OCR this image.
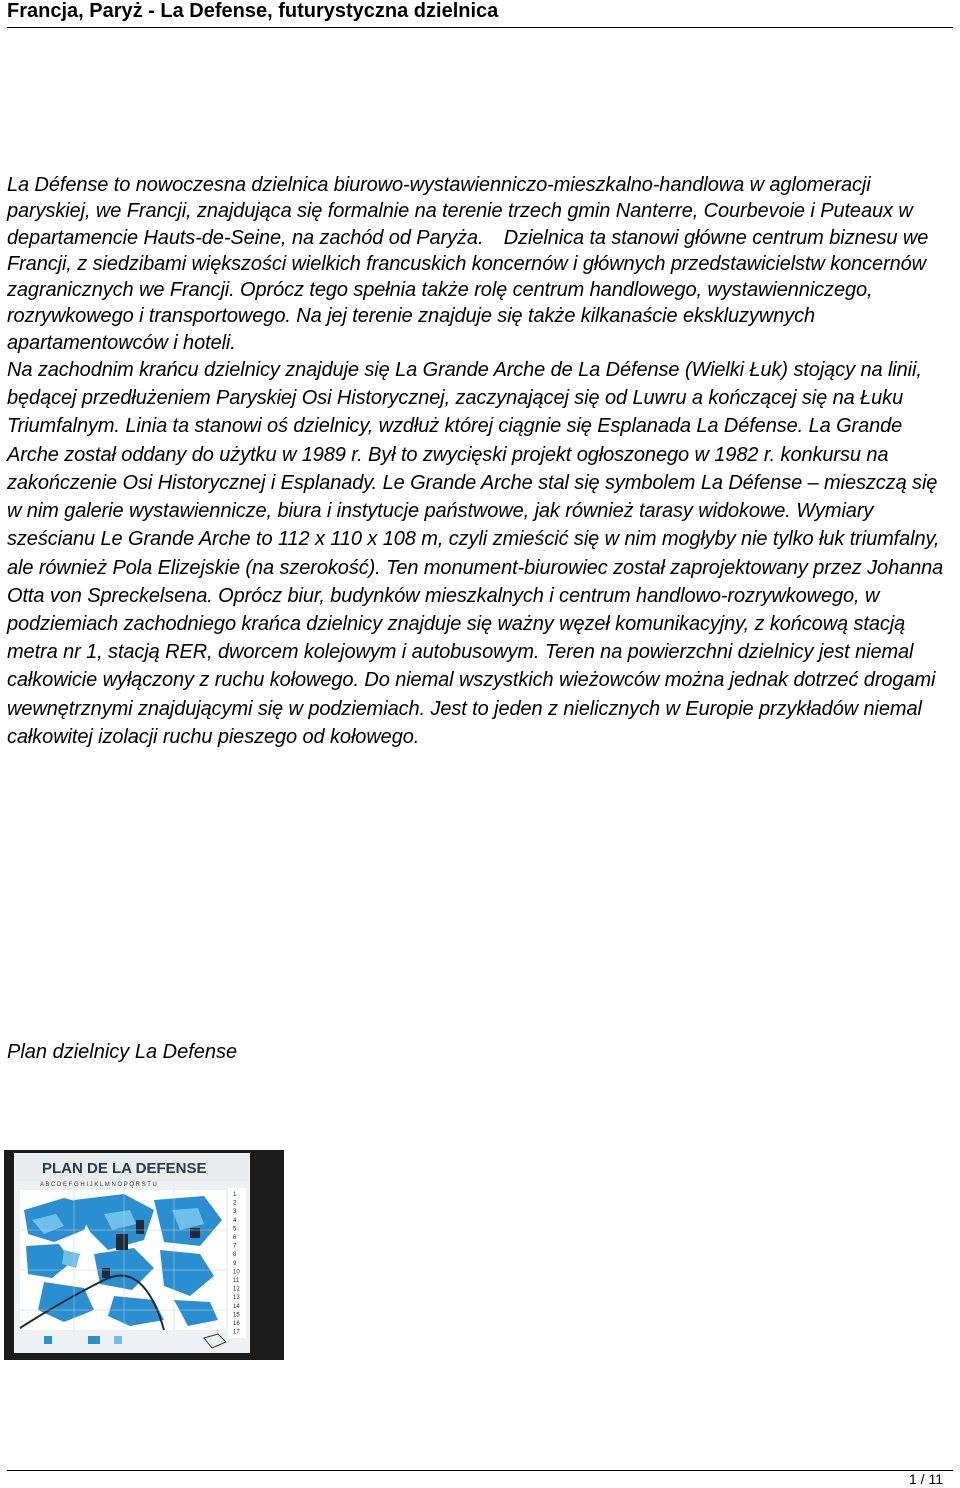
Francja, Paryż - La Defense, futurystyczna dzielnica

La Défense to nowoczesna dzielnica biurowo-wystawienniczo-mieszkalno-handlowa w aglomeracji paryskiej, we Francji, znajdująca się formalnie na terenie trzech gmin Nanterre, Courbevoie i Puteaux w departamencie Hauts-de-Seine, na zachód od Paryża.  Dzielnica ta stanowi główne centrum biznesu we Francji, z siedzibami większości wielkich francuskich koncernów i głównych przedstawicielstw koncernów zagranicznych we Francji. Oprócz tego spełnia także rolę centrum handlowego, wystawienniczego, rozrywkowego i transportowego. Na jej terenie znajduje się także kilkanaście ekskluzywnych apartamentowców i hoteli.

Na zachodnim krańcu dzielnicy znajduje się La Grande Arche de La Défense (Wielki Łuk) stojący na linii, będącej przedłużeniem Paryskiej Osi Historycznej, zaczynającej się od Luwru a kończącej się na Łuku Triumfalnym. Linia ta stanowi oś dzielnicy, wzdłuż której ciągnie się Esplanada La Défense. La Grande Arche został oddany do użytku w 1989 r. Był to zwycięski projekt ogłoszonego w 1982 r. konkursu na zakończenie Osi Historycznej i Esplanady. Le Grande Arche stal się symbolem La Défense – mieszczą się w nim galerie wystawiennicze, biura i instytucje państwowe, jak również tarasy widokowe. Wymiary sześcianu Le Grande Arche to 112 x 110 x 108 m, czyli zmieścić się w nim mogłyby nie tylko łuk triumfalny, ale również Pola Elizejskie (na szerokość). Ten monument-biurowiec został zaprojektowany przez Johanna Otta von Spreckelsena. Oprócz biur, budynków mieszkalnych i centrum handlowo-rozrywkowego, w podziemiach zachodniego krańca dzielnicy znajduje się ważny węzeł komunikacyjny, z końcową stacją metra nr 1, stacją RER, dworcem kolejowym i autobusowym. Teren na powierzchni dzielnicy jest niemal całkowicie wyłączony z ruchu kołowego. Do niemal wszystkich wieżowców można jednak dotrzeć drogami wewnętrznymi znajdującymi się w podziemiach. Jest to jeden z nielicznych w Europie przykładów niemal całkowitej izolacji ruchu pieszego od kołowego.

Plan dzielnicy La Defense
PLAN DE LA DEFENSE
A B C D E F G H I J K L M N O P Q R S T U
1
2
3
4
5
6
7
8
9
10
11
12
13
14
15
16
17
1 / 11
